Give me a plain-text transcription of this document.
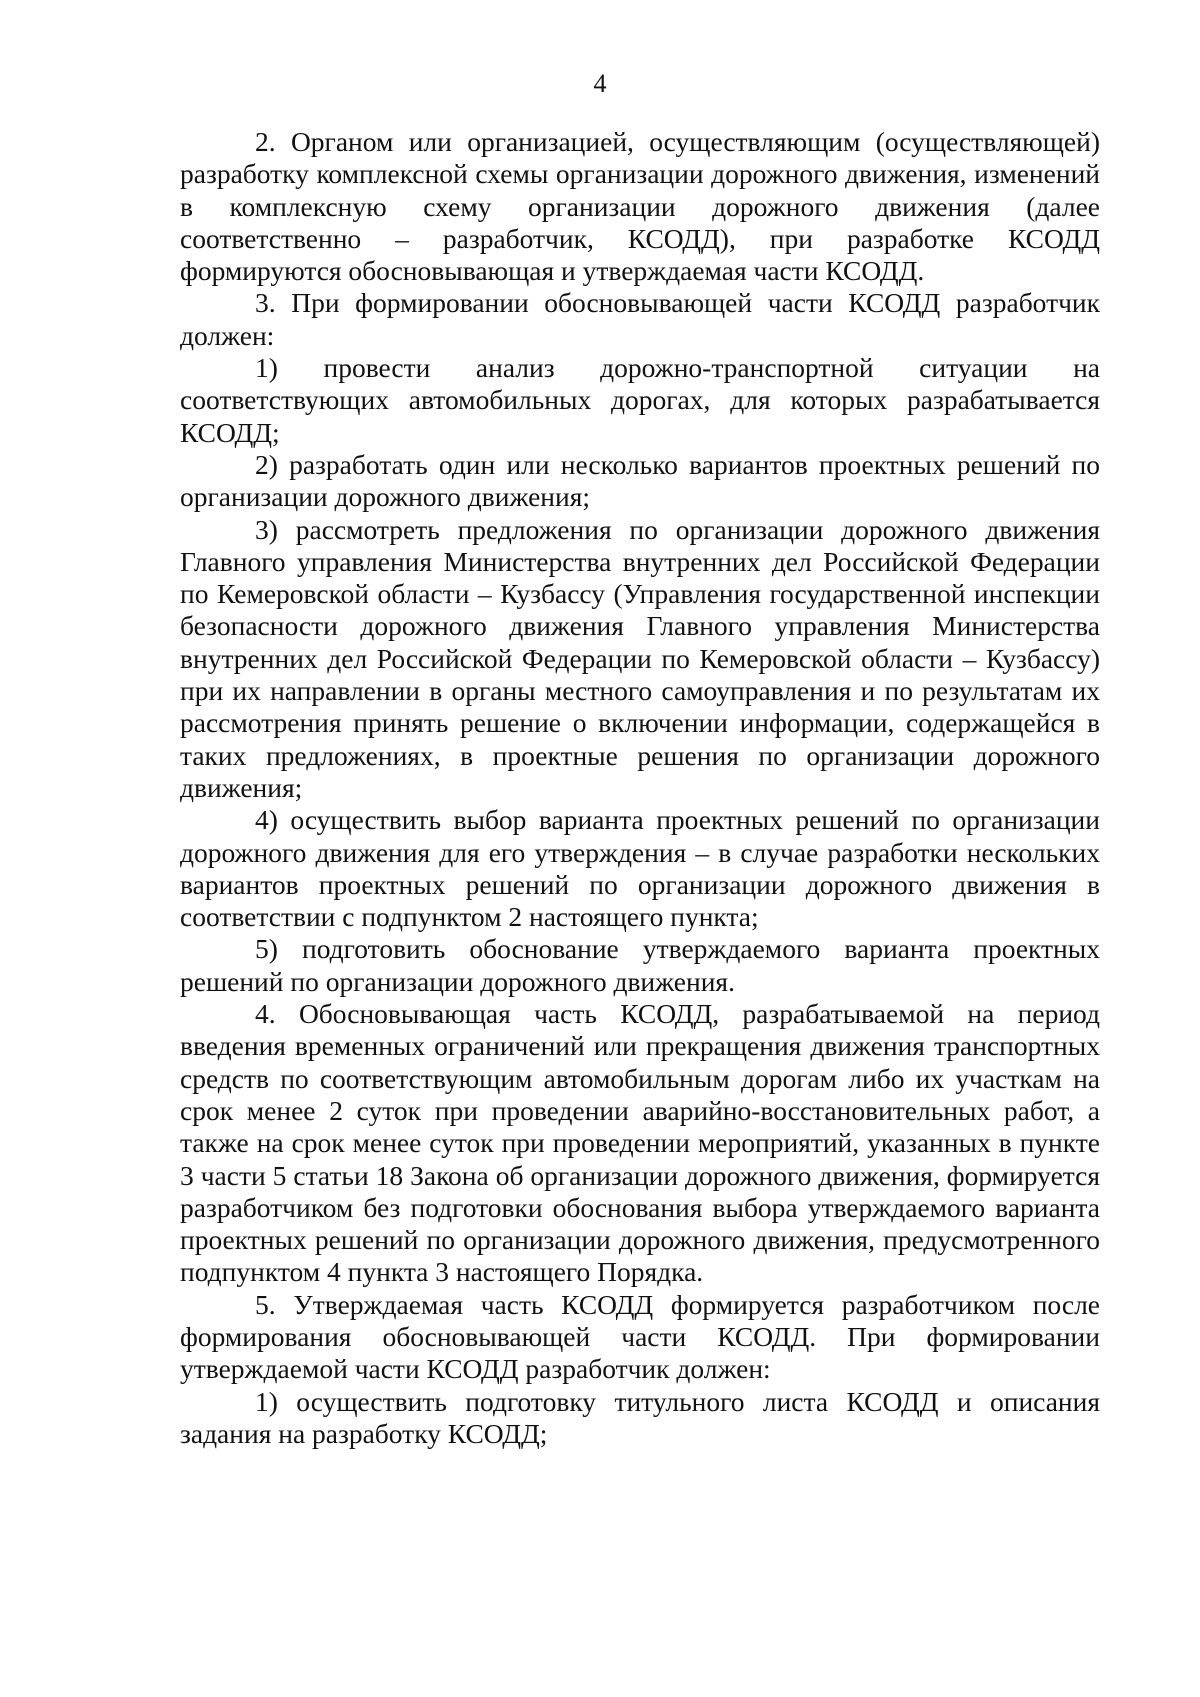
4

2. Органом или организацией, осуществляющим (осуществляющей) разработку комплексной схемы организации дорожного движения, изменений в комплексную схему организации дорожного движения (далее соответственно – разработчик, КСОДД), при разработке КСОДД формируются обосновывающая и утверждаемая части КСОДД.

3. При формировании обосновывающей части КСОДД разработчик должен:

1) провести анализ дорожно-транспортной ситуации на соответствующих автомобильных дорогах, для которых разрабатывается КСОДД;

2) разработать один или несколько вариантов проектных решений по организации дорожного движения;

3) рассмотреть предложения по организации дорожного движения Главного управления Министерства внутренних дел Российской Федерации по Кемеровской области – Кузбассу (Управления государственной инспекции безопасности дорожного движения Главного управления Министерства внутренних дел Российской Федерации по Кемеровской области – Кузбассу) при их направлении в органы местного самоуправления и по результатам их рассмотрения принять решение о включении информации, содержащейся в таких предложениях, в проектные решения по организации дорожного движения;

4) осуществить выбор варианта проектных решений по организации дорожного движения для его утверждения – в случае разработки нескольких вариантов проектных решений по организации дорожного движения в соответствии с подпунктом 2 настоящего пункта;

5) подготовить обоснование утверждаемого варианта проектных решений по организации дорожного движения.

4. Обосновывающая часть КСОДД, разрабатываемой на период введения временных ограничений или прекращения движения транспортных средств по соответствующим автомобильным дорогам либо их участкам на срок менее 2 суток при проведении аварийно-восстановительных работ, а также на срок менее суток при проведении мероприятий, указанных в пункте 3 части 5 статьи 18 Закона об организации дорожного движения, формируется разработчиком без подготовки обоснования выбора утверждаемого варианта проектных решений по организации дорожного движения, предусмотренного подпунктом 4 пункта 3 настоящего Порядка.

5. Утверждаемая часть КСОДД формируется разработчиком после формирования обосновывающей части КСОДД. При формировании утверждаемой части КСОДД разработчик должен:

1) осуществить подготовку титульного листа КСОДД и описания задания на разработку КСОДД;
